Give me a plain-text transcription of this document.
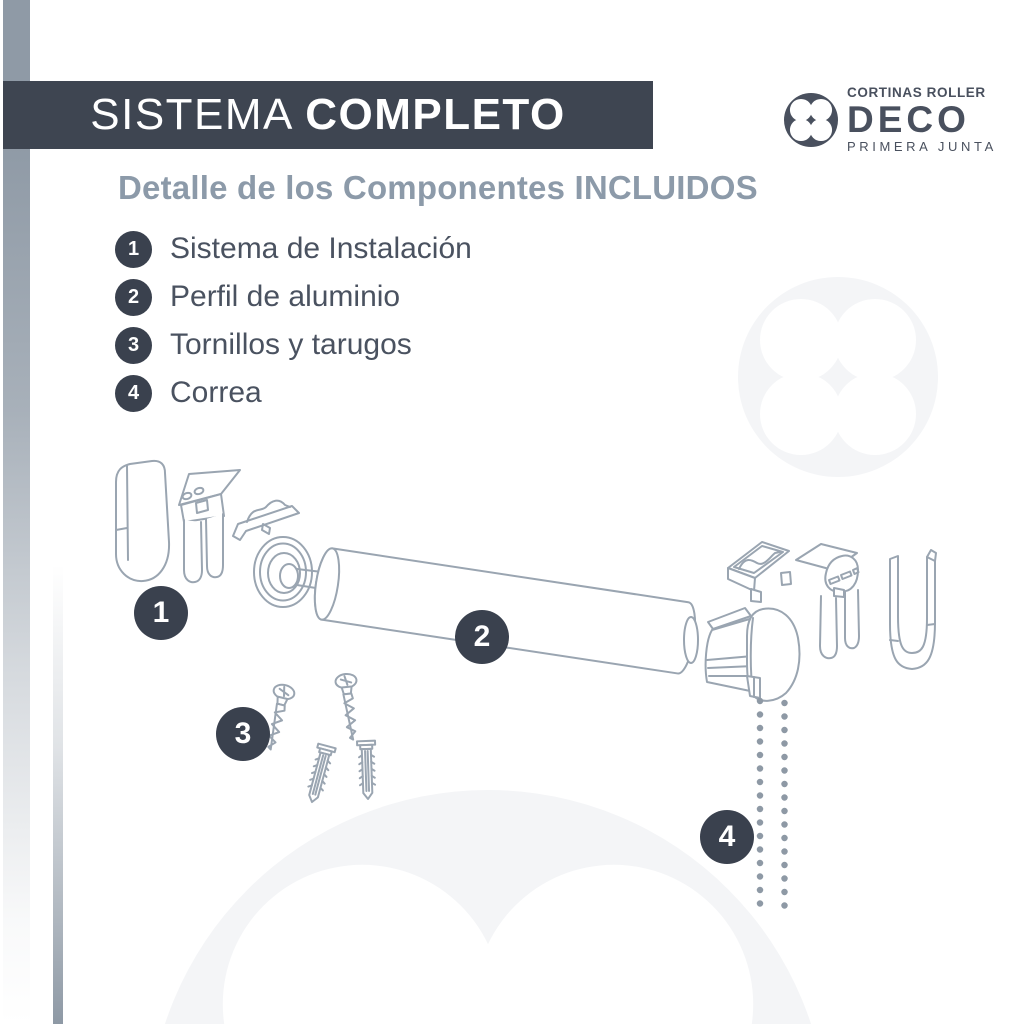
SISTEMA COMPLETO	CORTINAS ROLLER
DECO
PRIMERA JUNTA
Detalle de los Componentes INCLUIDOS
1	Sistema de Instalación
2	Perfil de aluminio
3	Tornillos y tarugos
4	Correa
1
2
3
4
